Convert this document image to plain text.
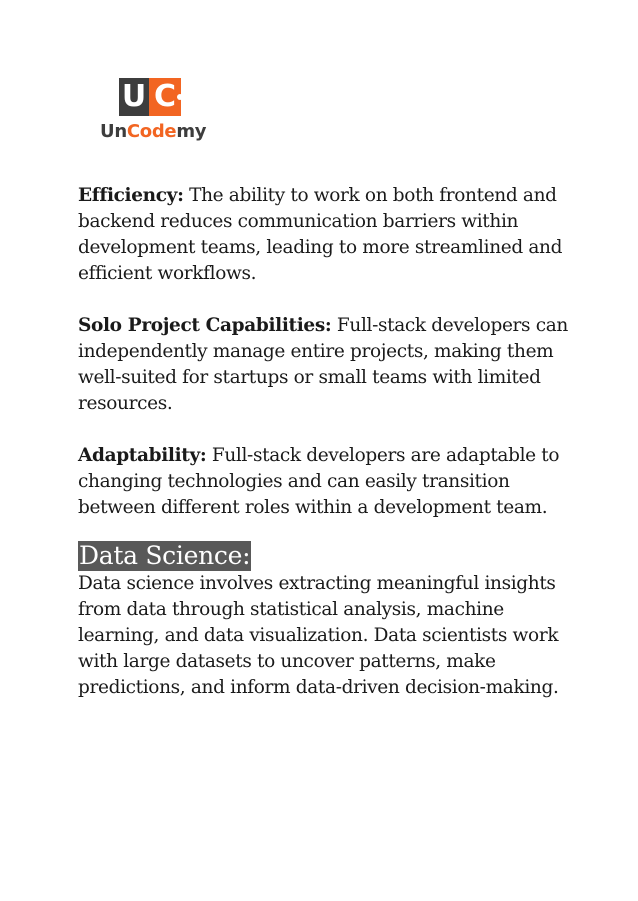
U C
UnCodemy

Efficiency: The ability to work on both frontend and backend reduces communication barriers within development teams, leading to more streamlined and efficient workflows.

Solo Project Capabilities: Full-stack developers can independently manage entire projects, making them well-suited for startups or small teams with limited resources.

Adaptability: Full-stack developers are adaptable to changing technologies and can easily transition between different roles within a development team.

Data Science:

Data science involves extracting meaningful insights from data through statistical analysis, machine learning, and data visualization. Data scientists work with large datasets to uncover patterns, make predictions, and inform data-driven decision-making.
